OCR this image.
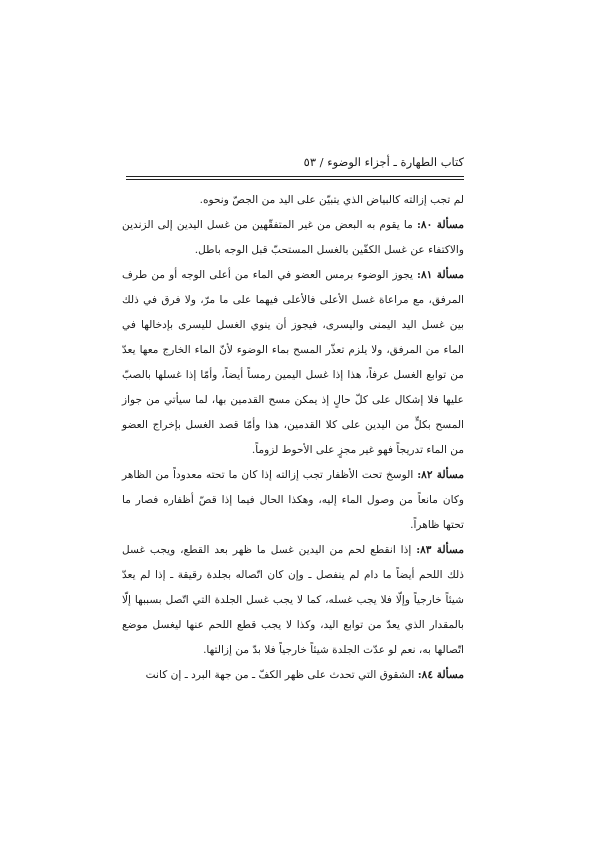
كتاب الطهارة ـ أجزاء الوضوء / ٥٣

لم تجب إزالته كالبياض الذي يتبيّن على اليد من الجصّ ونحوه.

مسألة ٨٠: ما يقوم به البعض من غير المتفقّهين من غسل اليدين إلى الزندين والاكتفاء عن غسل الكفّين بالغسل المستحبّ قبل الوجه باطل.

مسألة ٨١: يجوز الوضوء برمس العضو في الماء من أعلى الوجه أو من طرف المرفق، مع مراعاة غسل الأعلى فالأعلى فيهما على ما مرّ، ولا فرق في ذلك بين غسل اليد اليمنى واليسرى، فيجوز أن ينوي الغسل لليسرى بإدخالها في الماء من المرفق، ولا يلزم تعذّر المسح بماء الوضوء لأنّ الماء الخارج معها يعدّ من توابع الغسل عرفاً، هذا إذا غسل اليمين رمساً أيضاً، وأمّا إذا غسلها بالصبّ عليها فلا إشكال على كلّ حالٍ إذ يمكن مسح القدمين بها، لما سيأتي من جواز المسح بكلٍّ من اليدين على كلا القدمين، هذا وأمّا قصد الغسل بإخراج العضو من الماء تدريجاً فهو غير مجزٍ على الأحوط لزوماً.

مسألة ٨٢: الوسخ تحت الأظفار تجب إزالته إذا كان ما تحته معدوداً من الظاهر وكان مانعاً من وصول الماء إليه، وهكذا الحال فيما إذا قصّ أظفاره فصار ما تحتها ظاهراً.

مسألة ٨٣: إذا انقطع لحم من اليدين غسل ما ظهر بعد القطع، ويجب غسل ذلك اللحم أيضاً ما دام لم ينفصل ـ وإن كان اتّصاله بجلدة رقيقة ـ إذا لم يعدّ شيئاً خارجياً وإلّا فلا يجب غسله، كما لا يجب غسل الجلدة التي اتّصل بسببها إلّا بالمقدار الذي يعدّ من توابع اليد، وكذا لا يجب قطع اللحم عنها ليغسل موضع اتّصالها به، نعم لو عدّت الجلدة شيئاً خارجياً فلا بدّ من إزالتها.

مسألة ٨٤: الشقوق التي تحدث على ظهر الكفّ ـ من جهة البرد ـ إن كانت
